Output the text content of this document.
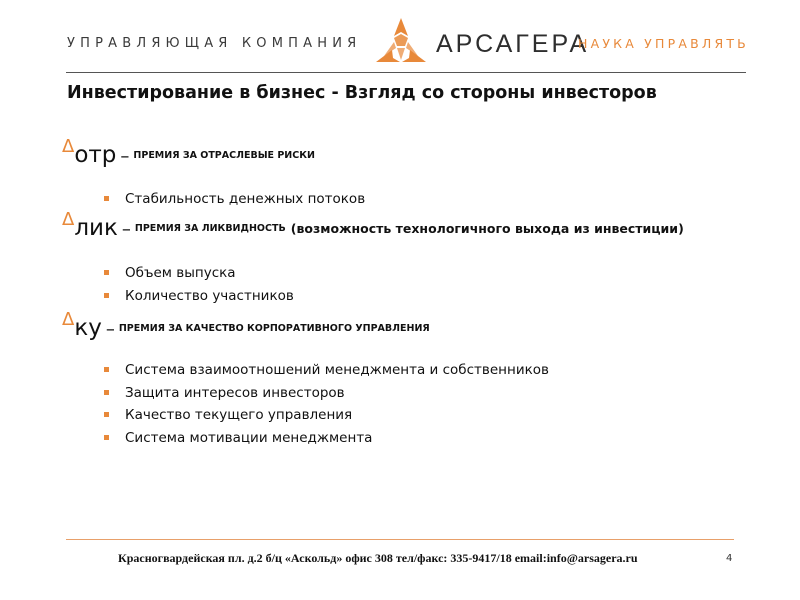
УПРАВЛЯЮЩАЯ КОМПАНИЯ	АРСАГЕРА
НАУКА УПРАВЛЯТЬ
Инвестирование в бизнес - Взгляд со стороны инвесторов
Δотр – ПРЕМИЯ ЗА ОТРАСЛЕВЫЕ РИСКИ
Стабильность денежных потоков
Δлик – ПРЕМИЯ ЗА ЛИКВИДНОСТЬ (возможность технологичного выхода из инвестиции)
Объем выпуска
Количество участников
Δку – ПРЕМИЯ ЗА КАЧЕСТВО КОРПОРАТИВНОГО УПРАВЛЕНИЯ
Система взаимоотношений менеджмента и собственников
Защита интересов инвесторов
Качество текущего управления
Система мотивации менеджмента
Красногвардейская пл. д.2 б/ц «Аскольд» офис 308 тел/факс: 335-9417/18 email:info@arsagera.ru	4
